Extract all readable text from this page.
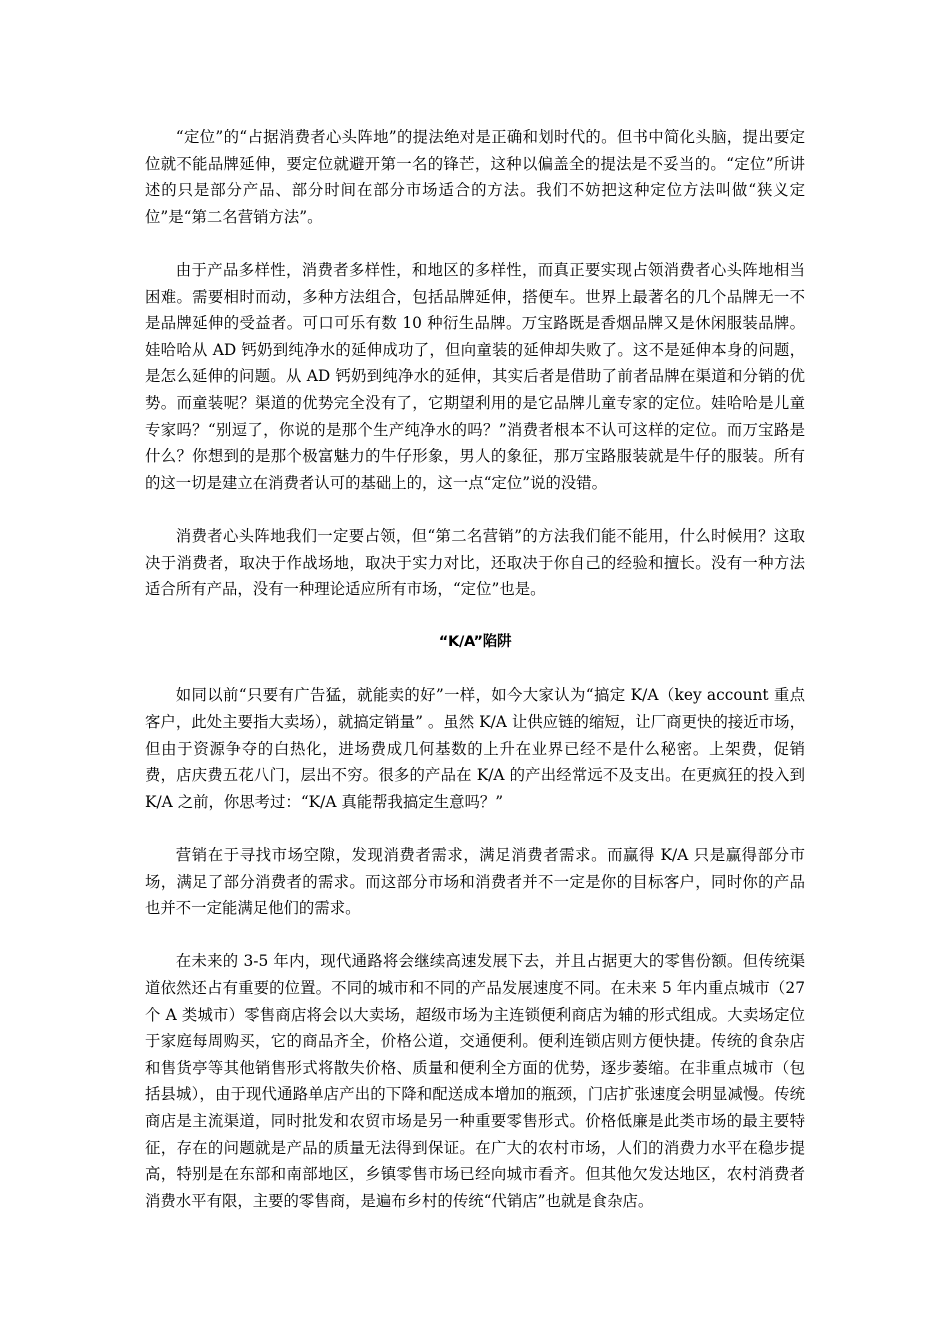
“定位”的“占据消费者心头阵地”的提法绝对是正确和划时代的。但书中简化头脑，提出要定位就不能品牌延伸，要定位就避开第一名的锋芒，这种以偏盖全的提法是不妥当的。“定位”所讲述的只是部分产品、部分时间在部分市场适合的方法。我们不妨把这种定位方法叫做“狭义定位”是“第二名营销方法”。

由于产品多样性，消费者多样性，和地区的多样性，而真正要实现占领消费者心头阵地相当困难。需要相时而动，多种方法组合，包括品牌延伸，搭便车。世界上最著名的几个品牌无一不是品牌延伸的受益者。可口可乐有数 10 种衍生品牌。万宝路既是香烟品牌又是休闲服装品牌。娃哈哈从 AD 钙奶到纯净水的延伸成功了，但向童装的延伸却失败了。这不是延伸本身的问题，是怎么延伸的问题。从 AD 钙奶到纯净水的延伸，其实后者是借助了前者品牌在渠道和分销的优势。而童装呢？渠道的优势完全没有了，它期望利用的是它品牌儿童专家的定位。娃哈哈是儿童专家吗？“别逗了，你说的是那个生产纯净水的吗？”消费者根本不认可这样的定位。而万宝路是什么？你想到的是那个极富魅力的牛仔形象，男人的象征，那万宝路服装就是牛仔的服装。所有的这一切是建立在消费者认可的基础上的，这一点“定位”说的没错。

消费者心头阵地我们一定要占领，但“第二名营销”的方法我们能不能用，什么时候用？这取决于消费者，取决于作战场地，取决于实力对比，还取决于你自己的经验和擅长。没有一种方法适合所有产品，没有一种理论适应所有市场，“定位”也是。

“K/A”陷阱

如同以前“只要有广告猛，就能卖的好”一样，如今大家认为“搞定 K/A（key account 重点客户，此处主要指大卖场），就搞定销量” 。虽然 K/A 让供应链的缩短，让厂商更快的接近市场，但由于资源争夺的白热化，进场费成几何基数的上升在业界已经不是什么秘密。上架费，促销费，店庆费五花八门，层出不穷。很多的产品在 K/A 的产出经常远不及支出。在更疯狂的投入到 K/A 之前，你思考过：“K/A 真能帮我搞定生意吗？”

营销在于寻找市场空隙，发现消费者需求，满足消费者需求。而赢得 K/A 只是赢得部分市场，满足了部分消费者的需求。而这部分市场和消费者并不一定是你的目标客户，同时你的产品也并不一定能满足他们的需求。

在未来的 3-5 年内，现代通路将会继续高速发展下去，并且占据更大的零售份额。但传统渠道依然还占有重要的位置。不同的城市和不同的产品发展速度不同。在未来 5 年内重点城市（27 个 A 类城市）零售商店将会以大卖场，超级市场为主连锁便利商店为辅的形式组成。大卖场定位于家庭每周购买，它的商品齐全，价格公道，交通便利。便利连锁店则方便快捷。传统的食杂店和售货亭等其他销售形式将散失价格、质量和便利全方面的优势，逐步萎缩。在非重点城市（包括县城），由于现代通路单店产出的下降和配送成本增加的瓶颈，门店扩张速度会明显减慢。传统商店是主流渠道，同时批发和农贸市场是另一种重要零售形式。价格低廉是此类市场的最主要特征，存在的问题就是产品的质量无法得到保证。在广大的农村市场，人们的消费力水平在稳步提高，特别是在东部和南部地区，乡镇零售市场已经向城市看齐。但其他欠发达地区，农村消费者消费水平有限，主要的零售商，是遍布乡村的传统“代销店”也就是食杂店。
